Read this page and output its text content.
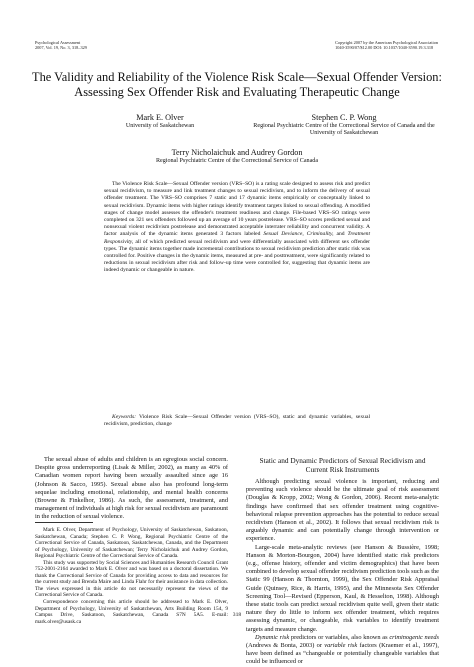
Psychological Assessment
2007, Vol. 19, No. 3, 318–329
Copyright 2007 by the American Psychological Association
1040-3590/07/$12.00 DOI: 10.1037/1040-3590.19.3.318
The Validity and Reliability of the Violence Risk Scale—Sexual Offender Version: Assessing Sex Offender Risk and Evaluating Therapeutic Change
Mark E. Olver
University of Saskatchewan
Stephen C. P. Wong
Regional Psychiatric Centre of the Correctional Service of Canada and the University of Saskatchewan
Terry Nicholaichuk and Audrey Gordon
Regional Psychiatric Centre of the Correctional Service of Canada

The Violence Risk Scale—Sexual Offender version (VRS–SO) is a rating scale designed to assess risk and predict sexual recidivism, to measure and link treatment changes to sexual recidivism, and to inform the delivery of sexual offender treatment. The VRS–SO comprises 7 static and 17 dynamic items empirically or conceptually linked to sexual recidivism. Dynamic items with higher ratings identify treatment targets linked to sexual offending. A modified stages of change model assesses the offender's treatment readiness and change. File-based VRS–SO ratings were completed on 321 sex offenders followed up an average of 10 years postrelease. VRS–SO scores predicted sexual and nonsexual violent recidivism postrelease and demonstrated acceptable interrater reliability and concurrent validity. A factor analysis of the dynamic items generated 3 factors labeled Sexual Deviance, Criminality, and Treatment Responsivity, all of which predicted sexual recidivism and were differentially associated with different sex offender types. The dynamic items together made incremental contributions to sexual recidivism prediction after static risk was controlled for. Positive changes in the dynamic items, measured at pre- and posttreatment, were significantly related to reductions in sexual recidivism after risk and follow-up time were controlled for, suggesting that dynamic items are indeed dynamic or changeable in nature.

Keywords: Violence Risk Scale—Sexual Offender version (VRS–SO), static and dynamic variables, sexual recidivism, prediction, change

The sexual abuse of adults and children is an egregious social concern. Despite gross underreporting (Lisak & Miller, 2002), as many as 40% of Canadian women report having been sexually assaulted since age 16 (Johnson & Sacco, 1995). Sexual abuse also has profound long-term sequelae including emotional, relationship, and mental health concerns (Browne & Finkelhor, 1986). As such, the assessment, treatment, and management of individuals at high risk for sexual recidivism are paramount in the reduction of sexual violence.

Mark E. Olver, Department of Psychology, University of Saskatchewan, Saskatoon, Saskatchewan, Canada; Stephen C. P. Wong, Regional Psychiatric Centre of the Correctional Service of Canada, Saskatoon, Saskatchewan, Canada, and the Department of Psychology, University of Saskatchewan; Terry Nicholaichuk and Audrey Gordon, Regional Psychiatric Centre of the Correctional Service of Canada.

This study was supported by Social Sciences and Humanities Research Council Grant 752-2001-2164 awarded to Mark E. Olver and was based on a doctoral dissertation. We thank the Correctional Service of Canada for providing access to data and resources for the current study and Brenda Maire and Linda Flahr for their assistance in data collection. The views expressed in this article do not necessarily represent the views of the Correctional Service of Canada.

Correspondence concerning this article should be addressed to Mark E. Olver, Department of Psychology, University of Saskatchewan, Arts Building Room 154, 9 Campus Drive, Saskatoon, Saskatchewan, Canada S7N 5A5. E-mail: mark.olver@usask.ca

Static and Dynamic Predictors of Sexual Recidivism and
Current Risk Instruments

Although predicting sexual violence is important, reducing and preventing such violence should be the ultimate goal of risk assessment (Douglas & Kropp, 2002; Wong & Gordon, 2006). Recent meta-analytic findings have confirmed that sex offender treatment using cognitive-behavioral relapse prevention approaches has the potential to reduce sexual recidivism (Hanson et al., 2002). It follows that sexual recidivism risk is arguably dynamic and can potentially change through intervention or experience.

Large-scale meta-analytic reviews (see Hanson & Bussière, 1998; Hanson & Morton-Bourgon, 2004) have identified static risk predictors (e.g., offense history, offender and victim demographics) that have been combined to develop sexual offender recidivism prediction tools such as the Static 99 (Hanson & Thornton, 1999), the Sex Offender Risk Appraisal Guide (Quinsey, Rice, & Harris, 1995), and the Minnesota Sex Offender Screening Tool—Revised (Epperson, Kaul, & Hesselton, 1998). Although these static tools can predict sexual recidivism quite well, given their static nature they do little to inform sex offender treatment, which requires assessing dynamic, or changeable, risk variables to identify treatment targets and measure change.

Dynamic risk predictors or variables, also known as criminogenic needs (Andrews & Bonta, 2003) or variable risk factors (Kraemer et al., 1997), have been defined as “changeable or potentially changeable variables that could be influenced or

318
